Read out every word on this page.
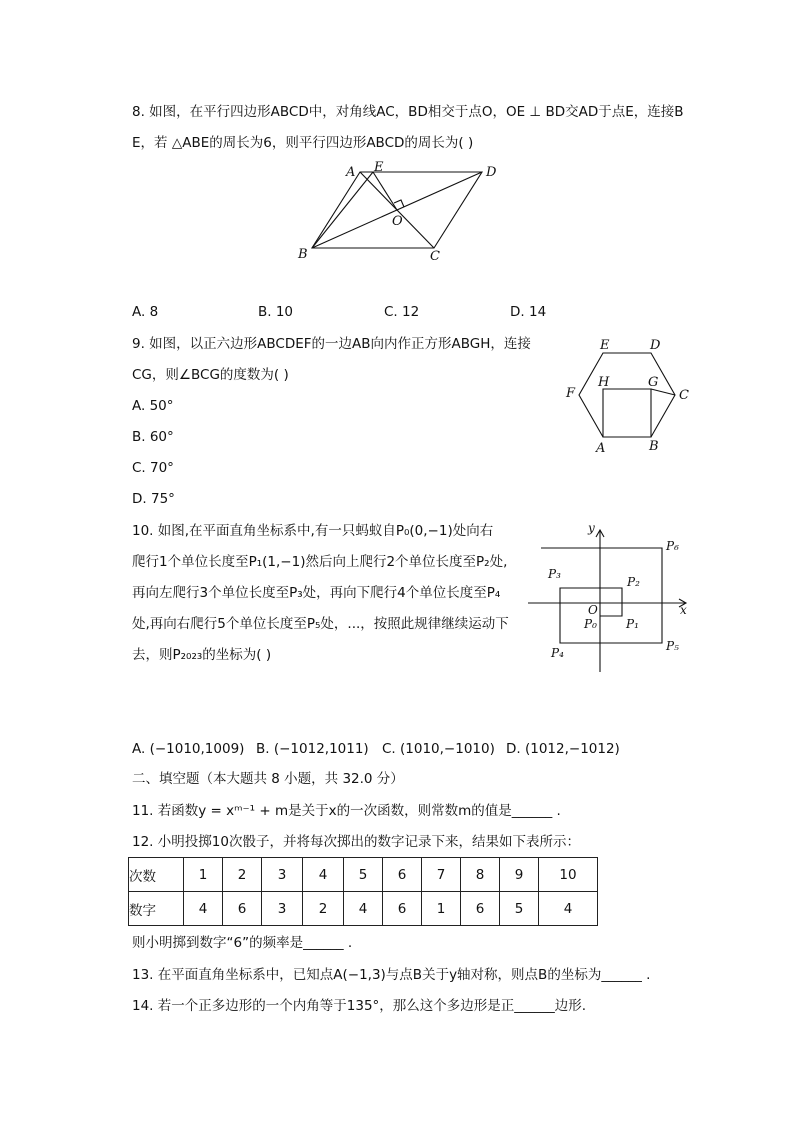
8. 如图，在平行四边形ABCD中，对角线AC，BD相交于点O，OE ⊥ BD交AD于点E，连接B
E，若 △ABE的周长为6，则平行四边形ABCD的周长为( )
A E	D
O
B	C
E	D
F
H	G
C
A	B
y
x
O
P₀ P₁
P₂
P₃
P₄	P₅
P₆
A. 8	B. 10	C. 12	D. 14
9. 如图，以正六边形ABCDEF的一边AB向内作正方形ABGH，连接
CG，则∠BCG的度数为( )
A. 50°
B. 60°
C. 70°
D. 75°
10. 如图,在平面直角坐标系中,有一只蚂蚁自P₀(0,−1)处向右
爬行1个单位长度至P₁(1,−1)然后向上爬行2个单位长度至P₂处,
再向左爬行3个单位长度至P₃处，再向下爬行4个单位长度至P₄
处,再向右爬行5个单位长度至P₅处，...，按照此规律继续运动下
去，则P₂₀₂₃的坐标为( )
A. (−1010,1009) B. (−1012,1011) C. (1010,−1010) D. (1012,−1012)
二、填空题（本大题共 8 小题，共 32.0 分）
11. 若函数y = xᵐ⁻¹ + m是关于x的一次函数，则常数m的值是______ .
12. 小明投掷10次骰子，并将每次掷出的数字记录下来，结果如下表所示：
次数	1	2	3	4	5	6	7	8	9	10
数字	4	6	3	2	4	6	1	6	5	4
则小明掷到数字“6”的频率是______ .
13. 在平面直角坐标系中，已知点A(−1,3)与点B关于y轴对称，则点B的坐标为______ .
14. 若一个正多边形的一个内角等于135°，那么这个多边形是正______边形.
